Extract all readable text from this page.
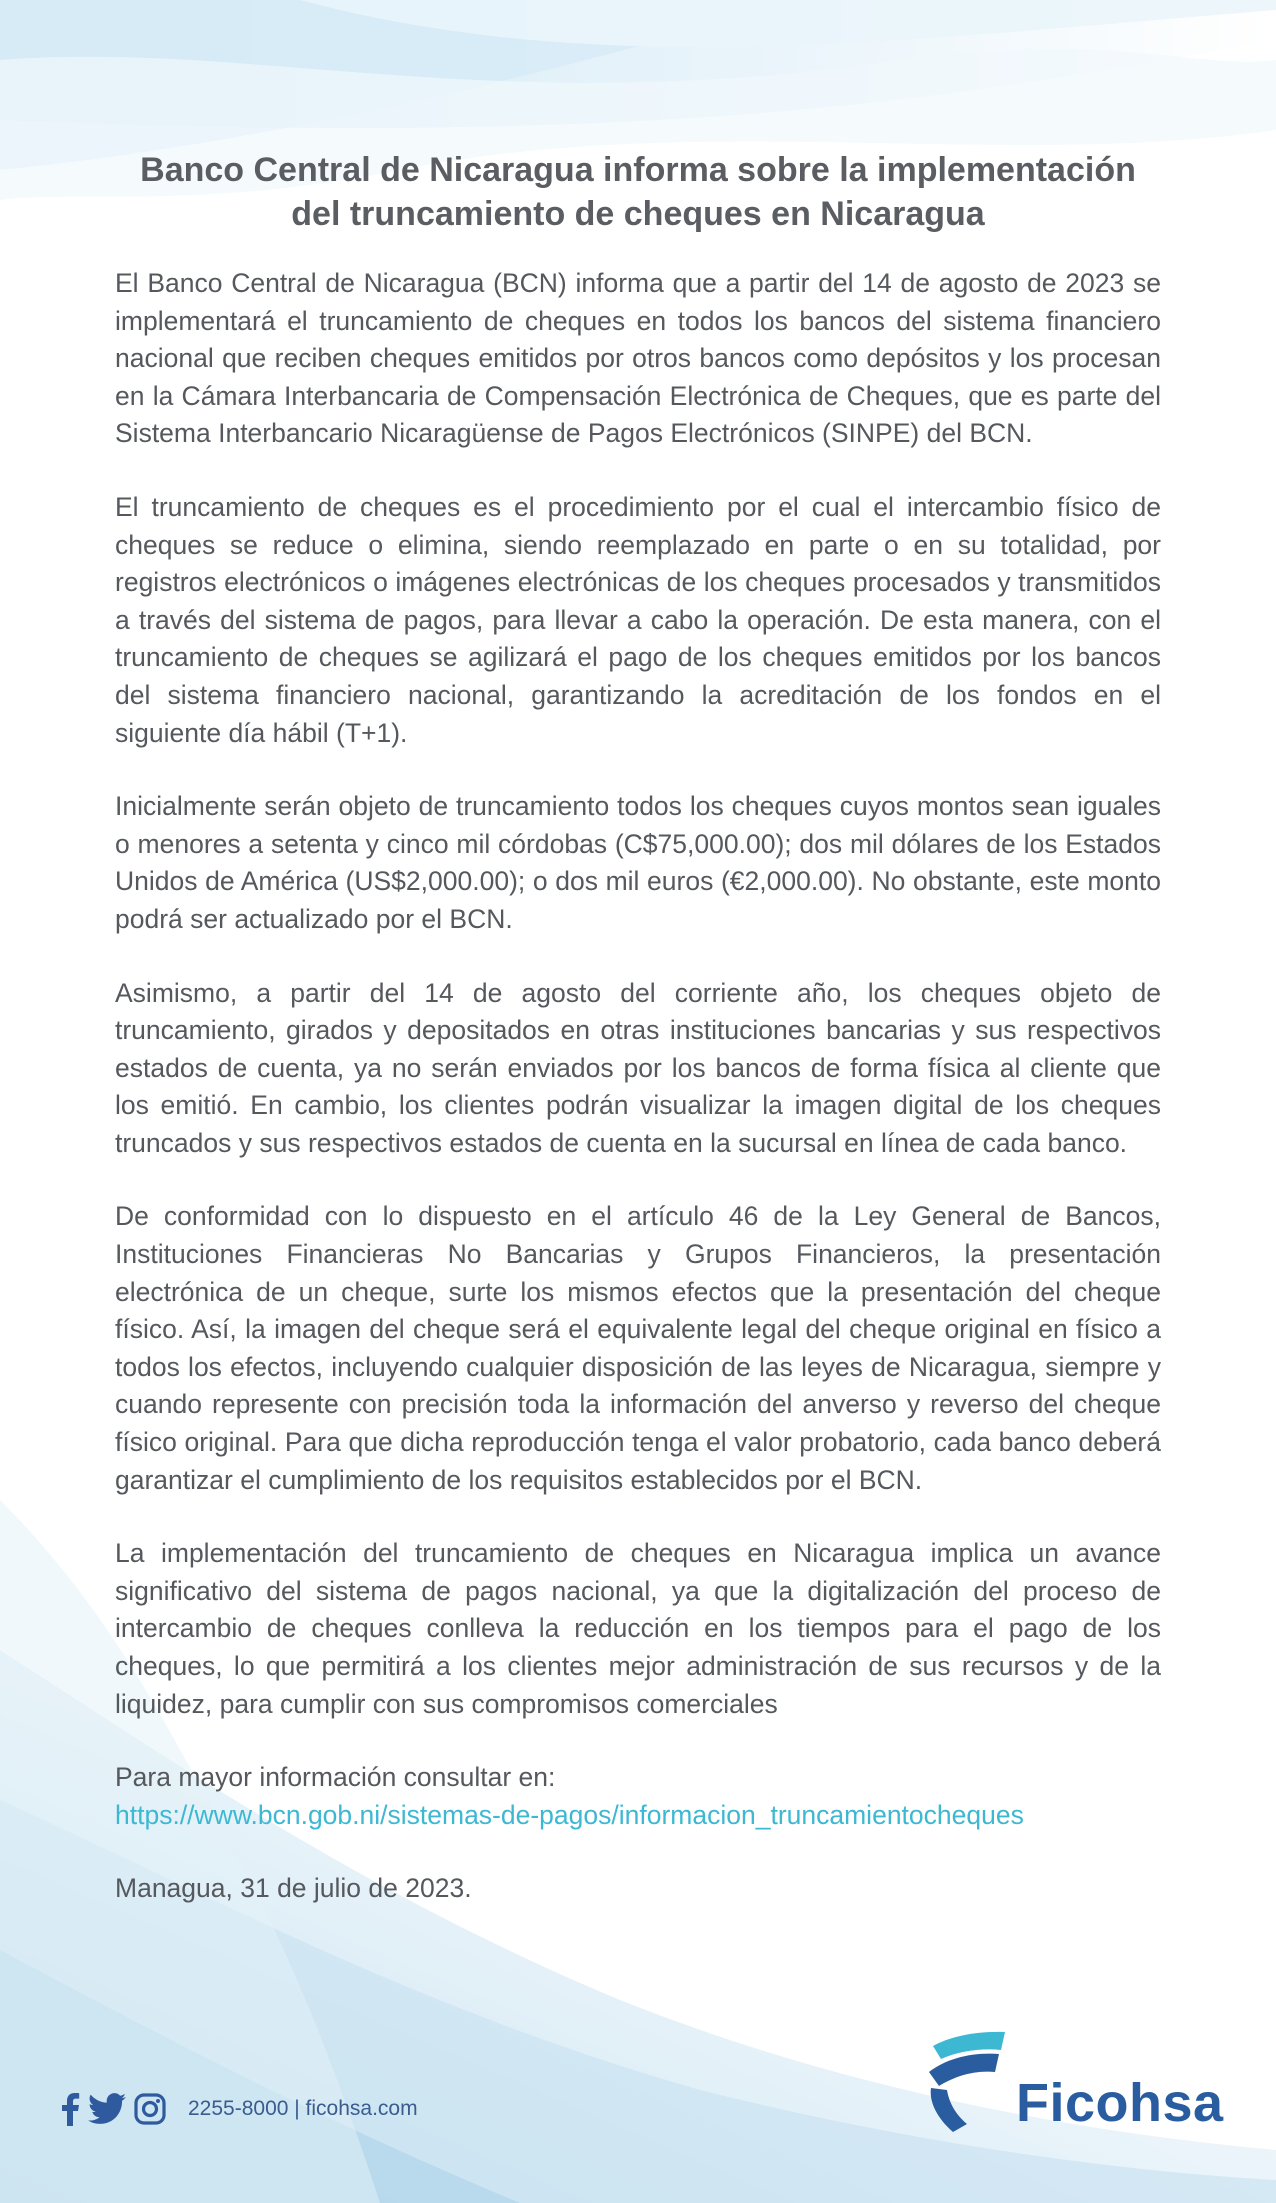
Banco Central de Nicaragua informa sobre la implementación
del truncamiento de cheques en Nicaragua

El Banco Central de Nicaragua (BCN) informa que a partir del 14 de agosto de 2023 se implementará el truncamiento de cheques en todos los bancos del sistema financiero nacional que reciben cheques emitidos por otros bancos como depósitos y los procesan en la Cámara Interbancaria de Compensación Electrónica de Cheques, que es parte del Sistema Interbancario Nicaragüense de Pagos Electrónicos (SINPE) del BCN.

El truncamiento de cheques es el procedimiento por el cual el intercambio físico de cheques se reduce o elimina, siendo reemplazado en parte o en su totalidad, por registros electrónicos o imágenes electrónicas de los cheques procesados y transmitidos a través del sistema de pagos, para llevar a cabo la operación. De esta manera, con el truncamiento de cheques se agilizará el pago de los cheques emitidos por los bancos del sistema financiero nacional, garantizando la acreditación de los fondos en el siguiente día hábil (T+1).

Inicialmente serán objeto de truncamiento todos los cheques cuyos montos sean iguales o menores a setenta y cinco mil córdobas (C$75,000.00); dos mil dólares de los Estados Unidos de América (US$2,000.00); o dos mil euros (€2,000.00). No obstante, este monto podrá ser actualizado por el BCN.

Asimismo, a partir del 14 de agosto del corriente año, los cheques objeto de truncamiento, girados y depositados en otras instituciones bancarias y sus respectivos estados de cuenta, ya no serán enviados por los bancos de forma física al cliente que los emitió. En cambio, los clientes podrán visualizar la imagen digital de los cheques truncados y sus respectivos estados de cuenta en la sucursal en línea de cada banco.

De conformidad con lo dispuesto en el artículo 46 de la Ley General de Bancos, Instituciones Financieras No Bancarias y Grupos Financieros, la presentación electrónica de un cheque, surte los mismos efectos que la presentación del cheque físico. Así, la imagen del cheque será el equivalente legal del cheque original en físico a todos los efectos, incluyendo cualquier disposición de las leyes de Nicaragua, siempre y cuando represente con precisión toda la información del anverso y reverso del cheque físico original. Para que dicha reproducción tenga el valor probatorio, cada banco deberá garantizar el cumplimiento de los requisitos establecidos por el BCN.

La implementación del truncamiento de cheques en Nicaragua implica un avance significativo del sistema de pagos nacional, ya que la digitalización del proceso de intercambio de cheques conlleva la reducción en los tiempos para el pago de los cheques, lo que permitirá a los clientes mejor administración de sus recursos y de la liquidez, para cumplir con sus compromisos comerciales

Para mayor información consultar en:
https://www.bcn.gob.ni/sistemas-de-pagos/informacion_truncamientocheques

Managua, 31 de julio de 2023.

2255-8000 | ficohsa.com	Ficohsa
